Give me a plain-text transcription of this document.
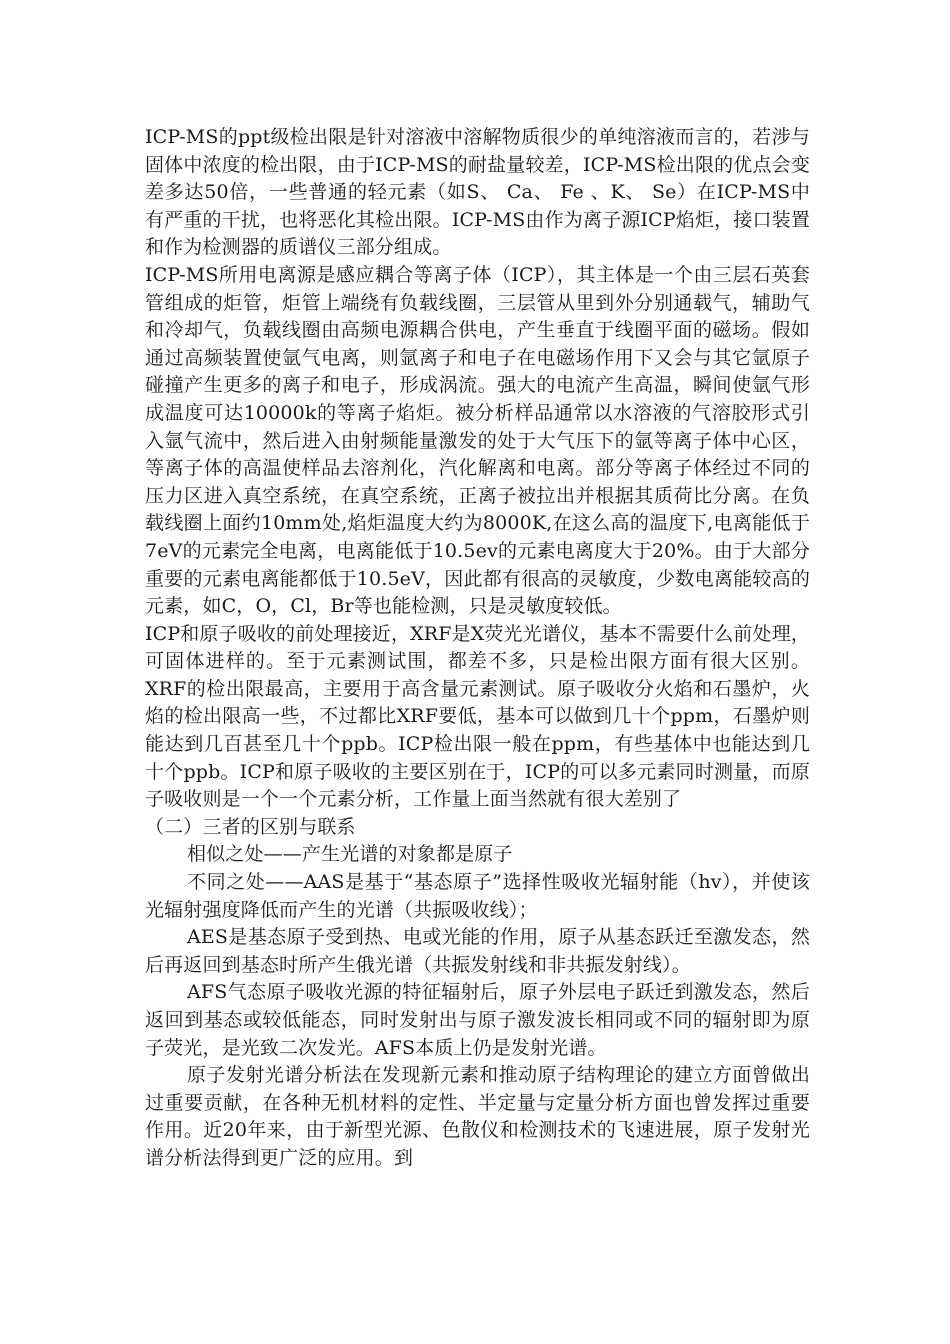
ICP-MS的ppt级检出限是针对溶液中溶解物质很少的单纯溶液而言的，若涉与固体中浓度的检出限，由于ICP-MS的耐盐量较差，ICP-MS检出限的优点会变差多达50倍，一些普通的轻元素（如S、 Ca、 Fe 、K、 Se）在ICP-MS中有严重的干扰，也将恶化其检出限。ICP-MS由作为离子源ICP焰炬，接口装置和作为检测器的质谱仪三部分组成。

ICP-MS所用电离源是感应耦合等离子体（ICP），其主体是一个由三层石英套管组成的炬管，炬管上端绕有负载线圈，三层管从里到外分别通载气，辅助气和冷却气，负载线圈由高频电源耦合供电，产生垂直于线圈平面的磁场。假如通过高频装置使氩气电离，则氩离子和电子在电磁场作用下又会与其它氩原子碰撞产生更多的离子和电子，形成涡流。强大的电流产生高温，瞬间使氩气形成温度可达10000k的等离子焰炬。被分析样品通常以水溶液的气溶胶形式引入氩气流中，然后进入由射频能量激发的处于大气压下的氩等离子体中心区，等离子体的高温使样品去溶剂化，汽化解离和电离。部分等离子体经过不同的压力区进入真空系统，在真空系统，正离子被拉出并根据其质荷比分离。在负载线圈上面约10mm处,焰炬温度大约为8000K,在这么高的温度下,电离能低于7eV的元素完全电离，电离能低于10.5ev的元素电离度大于20%。由于大部分重要的元素电离能都低于10.5eV，因此都有很高的灵敏度，少数电离能较高的元素，如C，O，Cl，Br等也能检测，只是灵敏度较低。

ICP和原子吸收的前处理接近，XRF是X荧光光谱仪，基本不需要什么前处理，可固体进样的。至于元素测试围，都差不多，只是检出限方面有很大区别。XRF的检出限最高，主要用于高含量元素测试。原子吸收分火焰和石墨炉，火焰的检出限高一些，不过都比XRF要低，基本可以做到几十个ppm，石墨炉则能达到几百甚至几十个ppb。ICP检出限一般在ppm，有些基体中也能达到几十个ppb。ICP和原子吸收的主要区别在于，ICP的可以多元素同时测量，而原子吸收则是一个一个元素分析，工作量上面当然就有很大差别了

（二）三者的区别与联系

相似之处——产生光谱的对象都是原子

不同之处——AAS是基于“基态原子”选择性吸收光辐射能（hv），并使该光辐射强度降低而产生的光谱（共振吸收线）；

AES是基态原子受到热、电或光能的作用，原子从基态跃迁至激发态，然后再返回到基态时所产生俄光谱（共振发射线和非共振发射线）。

AFS气态原子吸收光源的特征辐射后，原子外层电子跃迁到激发态，然后返回到基态或较低能态，同时发射出与原子激发波长相同或不同的辐射即为原子荧光，是光致二次发光。AFS本质上仍是发射光谱。

原子发射光谱分析法在发现新元素和推动原子结构理论的建立方面曾做出过重要贡献，在各种无机材料的定性、半定量与定量分析方面也曾发挥过重要作用。近20年来，由于新型光源、色散仪和检测技术的飞速进展，原子发射光谱分析法得到更广泛的应用。到
